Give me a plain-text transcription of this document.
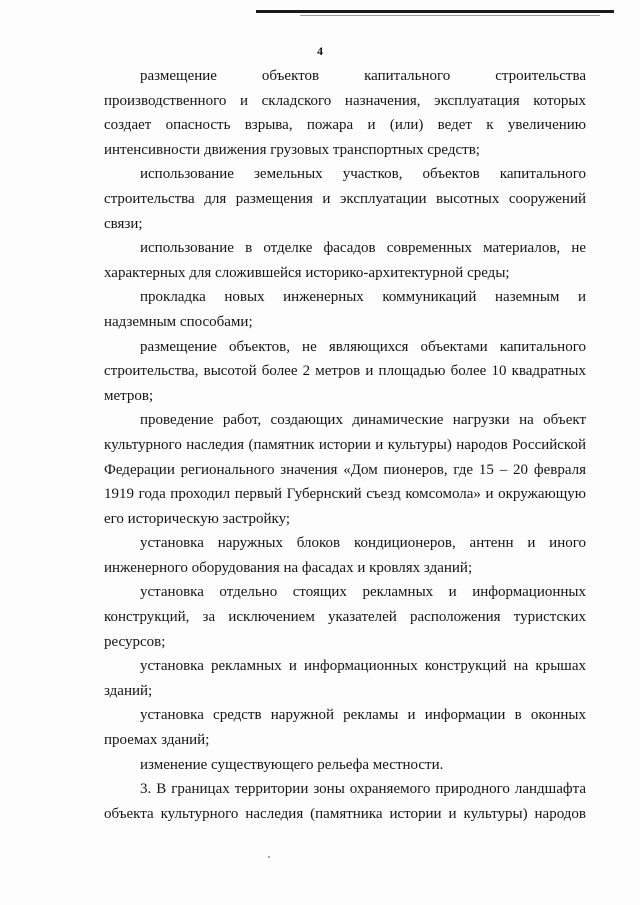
4

размещение объектов капитального строительства производственного и складского назначения, эксплуатация которых создает опасность взрыва, пожара и (или) ведет к увеличению интенсивности движения грузовых транспортных средств;

использование земельных участков, объектов капитального строительства для размещения и эксплуатации высотных сооружений связи;

использование в отделке фасадов современных материалов, не характерных для сложившейся историко-архитектурной среды;

прокладка новых инженерных коммуникаций наземным и надземным способами;

размещение объектов, не являющихся объектами капитального строительства, высотой более 2 метров и площадью более 10 квадратных метров;

проведение работ, создающих динамические нагрузки на объект культурного наследия (памятник истории и культуры) народов Российской Федерации регионального значения «Дом пионеров, где 15 – 20 февраля 1919 года проходил первый Губернский съезд комсомола» и окружающую его историческую застройку;

установка наружных блоков кондиционеров, антенн и иного инженерного оборудования на фасадах и кровлях зданий;

установка отдельно стоящих рекламных и информационных конструкций, за исключением указателей расположения туристских ресурсов;

установка рекламных и информационных конструкций на крышах зданий;

установка средств наружной рекламы и информации в оконных проемах зданий;

изменение существующего рельефа местности.

3. В границах территории зоны охраняемого природного ландшафта объекта культурного наследия (памятника истории и культуры) народов
